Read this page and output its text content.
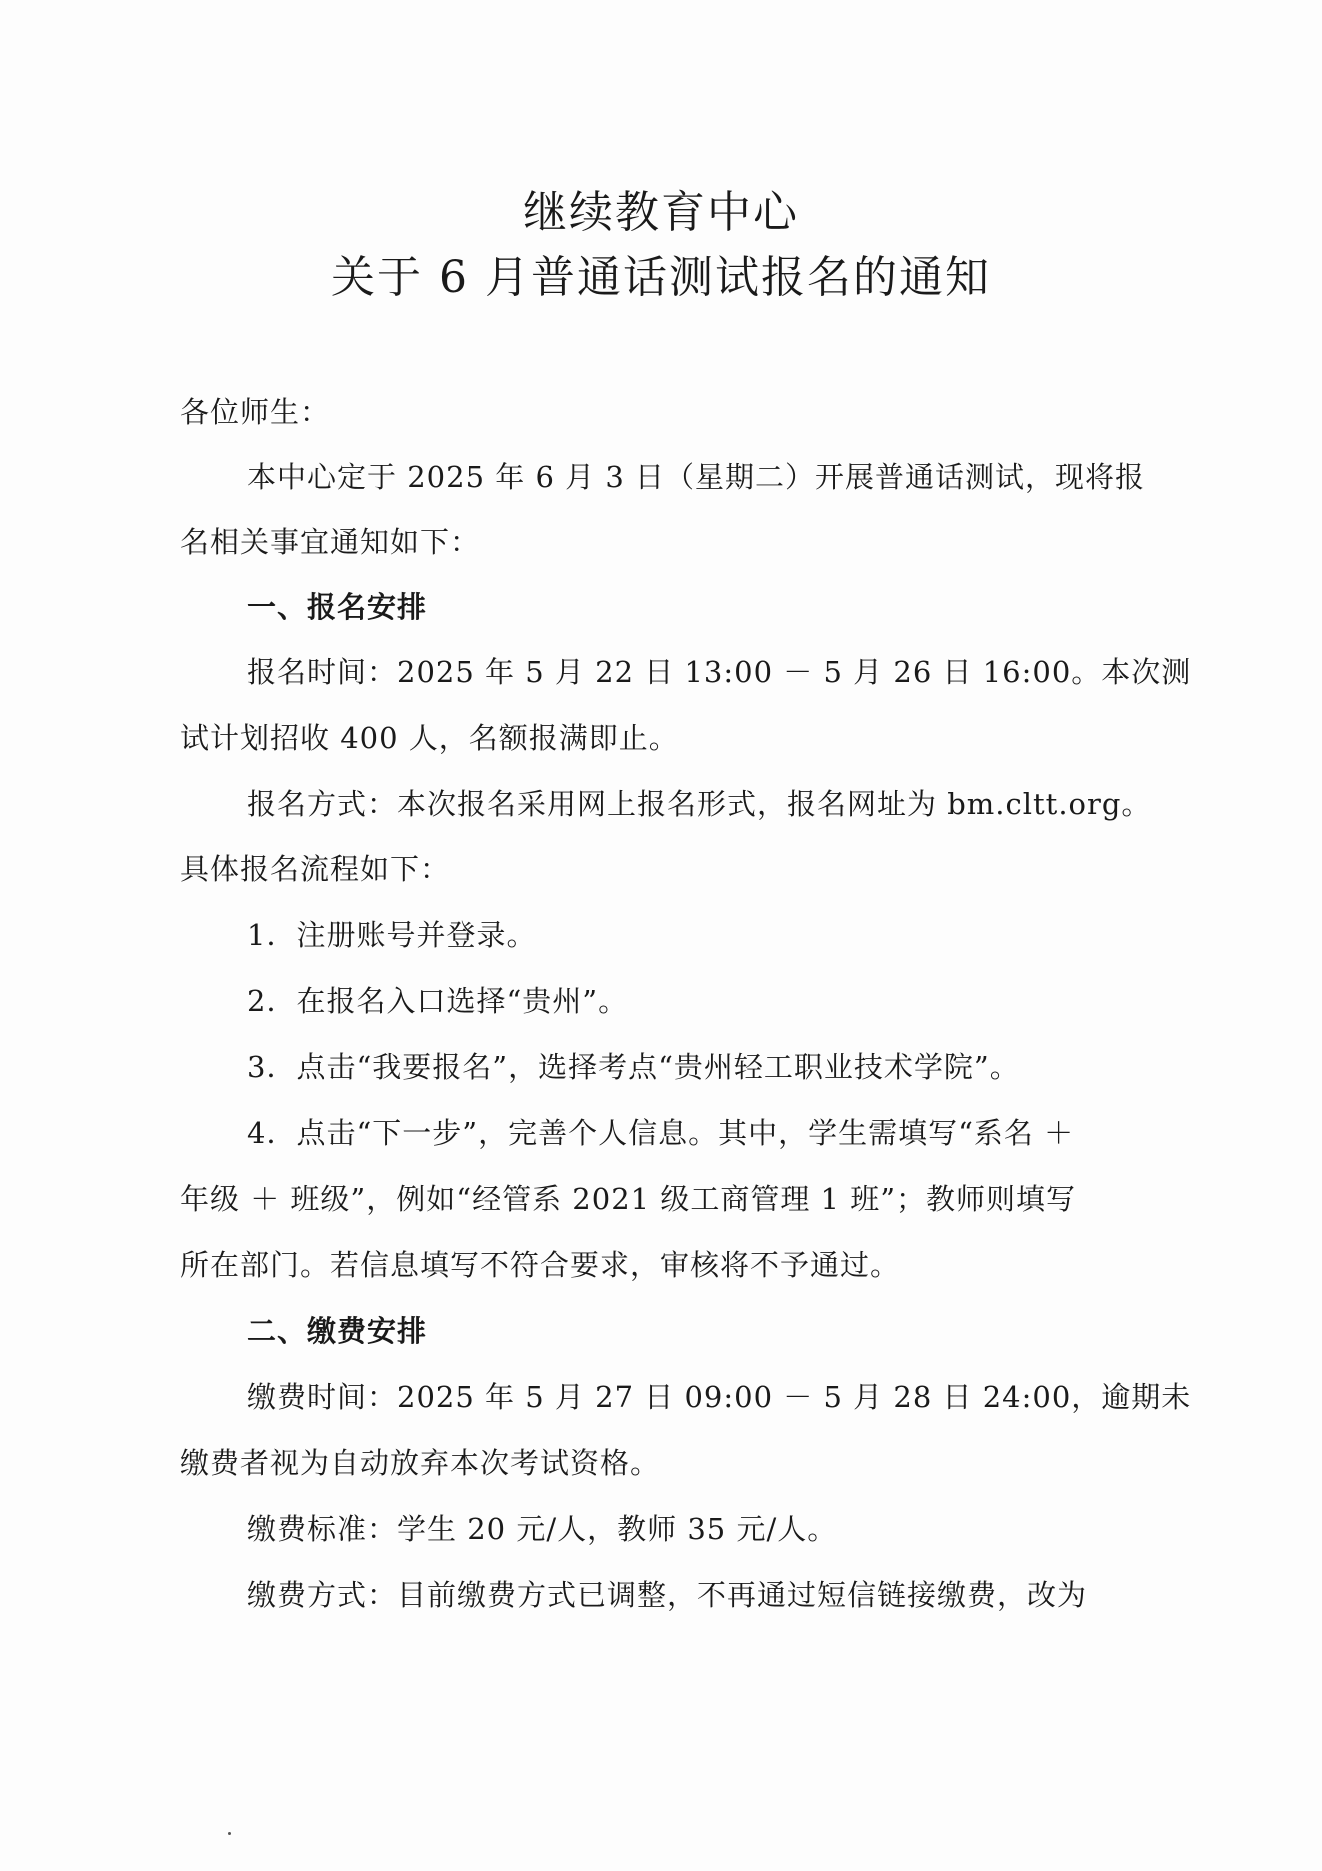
继续教育中心
关于 6 月普通话测试报名的通知
各位师生：
本中心定于 2025 年 6 月 3 日（星期二）开展普通话测试，现将报
名相关事宜通知如下：
一、报名安排
报名时间：2025 年 5 月 22 日 13:00 － 5 月 26 日 16:00。本次测
试计划招收 400 人，名额报满即止。
报名方式：本次报名采用网上报名形式，报名网址为 bm.cltt.org。
具体报名流程如下：
1．注册账号并登录。
2．在报名入口选择“贵州”。
3．点击“我要报名”，选择考点“贵州轻工职业技术学院”。
4．点击“下一步”，完善个人信息。其中，学生需填写“系名 ＋
年级 ＋ 班级”，例如“经管系 2021 级工商管理 1 班”；教师则填写
所在部门。若信息填写不符合要求，审核将不予通过。
二、缴费安排
缴费时间：2025 年 5 月 27 日 09:00 － 5 月 28 日 24:00，逾期未
缴费者视为自动放弃本次考试资格。
缴费标准：学生 20 元/人，教师 35 元/人。
缴费方式：目前缴费方式已调整，不再通过短信链接缴费，改为
